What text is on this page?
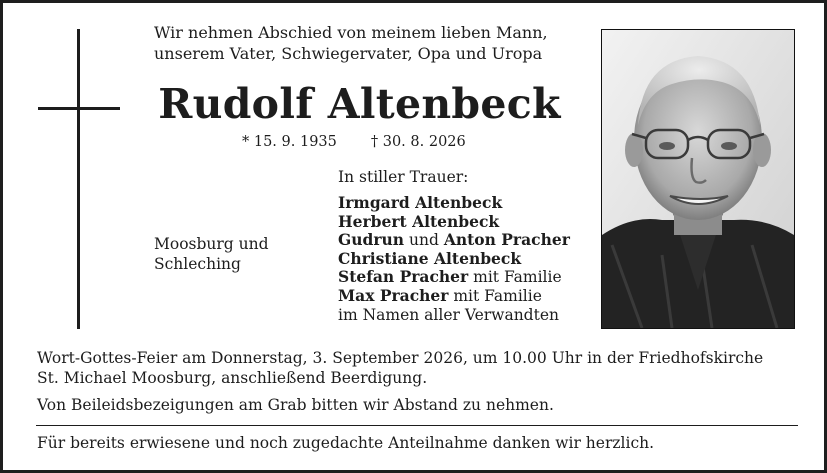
Wir nehmen Abschied von meinem lieben Mann,
unserem Vater, Schwiegervater, Opa und Uropa
Rudolf Altenbeck
* 15. 9. 1935 † 30. 8. 2026
In stiller Trauer:
Irmgard Altenbeck
Herbert Altenbeck
Gudrun und Anton Pracher
Christiane Altenbeck
Stefan Pracher mit Familie
Max Pracher mit Familie
im Namen aller Verwandten
Moosburg und
Schleching
Wort-Gottes-Feier am Donnerstag, 3. September 2026, um 10.00 Uhr in der Friedhofskirche
St. Michael Moosburg, anschließend Beerdigung.
Von Beileidsbezeigungen am Grab bitten wir Abstand zu nehmen.
Für bereits erwiesene und noch zugedachte Anteilnahme danken wir herzlich.
